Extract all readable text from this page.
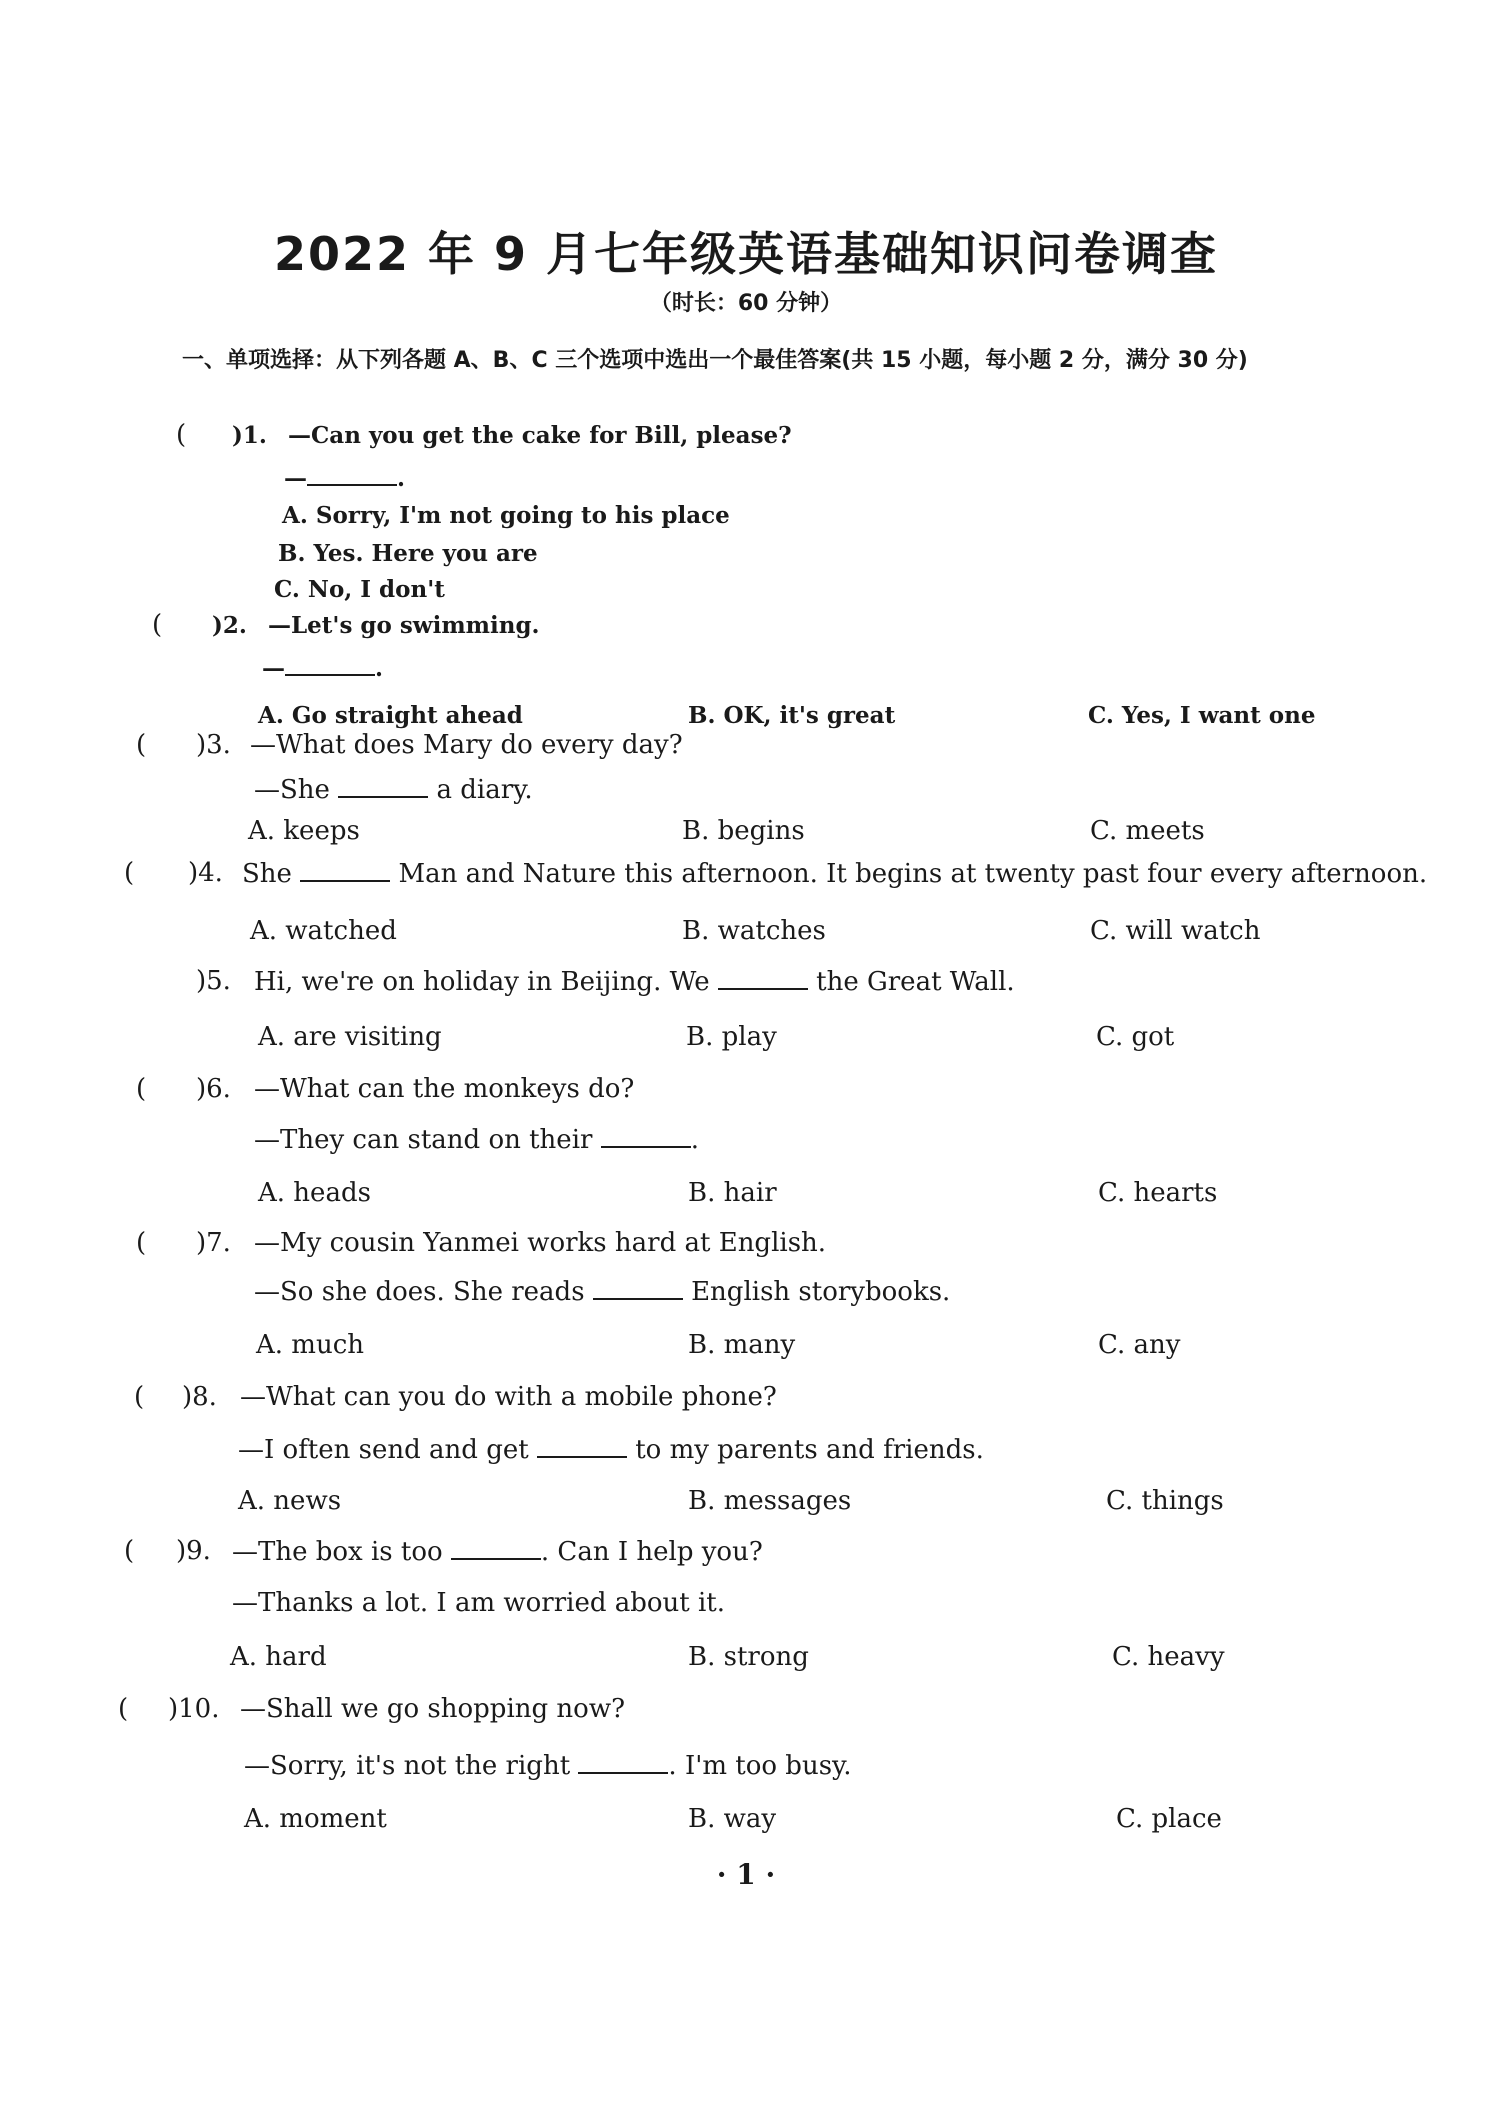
2022 年 9 月七年级英语基础知识问卷调查
（时长：60 分钟）
一、单项选择：从下列各题 A、B、C 三个选项中选出一个最佳答案(共 15 小题，每小题 2 分，满分 30 分)
( )1. —Can you get the cake for Bill, please?
—	.
A. Sorry, I'm not going to his place
B. Yes. Here you are
C. No, I don't
( )2. —Let's go swimming.
—	.
A. Go straight ahead	B. OK, it's great	C. Yes, I want one
( )3. —What does Mary do every day?
—She	a diary.
A. keeps	B. begins	C. meets
( )4. She	Man and Nature this afternoon. It begins at twenty past four every afternoon.
A. watched	B. watches	C. will watch
)5. Hi, we're on holiday in Beijing. We	the Great Wall.
A. are visiting	B. play	C. got
( )6. —What can the monkeys do?
—They can stand on their	.
A. heads	B. hair	C. hearts
( )7. —My cousin Yanmei works hard at English.
—So she does. She reads	English storybooks.
A. much	B. many	C. any
( )8. —What can you do with a mobile phone?
—I often send and get	to my parents and friends.
A. news	B. messages	C. things
( )9. —The box is too	. Can I help you?
—Thanks a lot. I am worried about it.
A. hard	B. strong	C. heavy
( )10. —Shall we go shopping now?
—Sorry, it's not the right	. I'm too busy.
A. moment	B. way	C. place
· 1 ·
